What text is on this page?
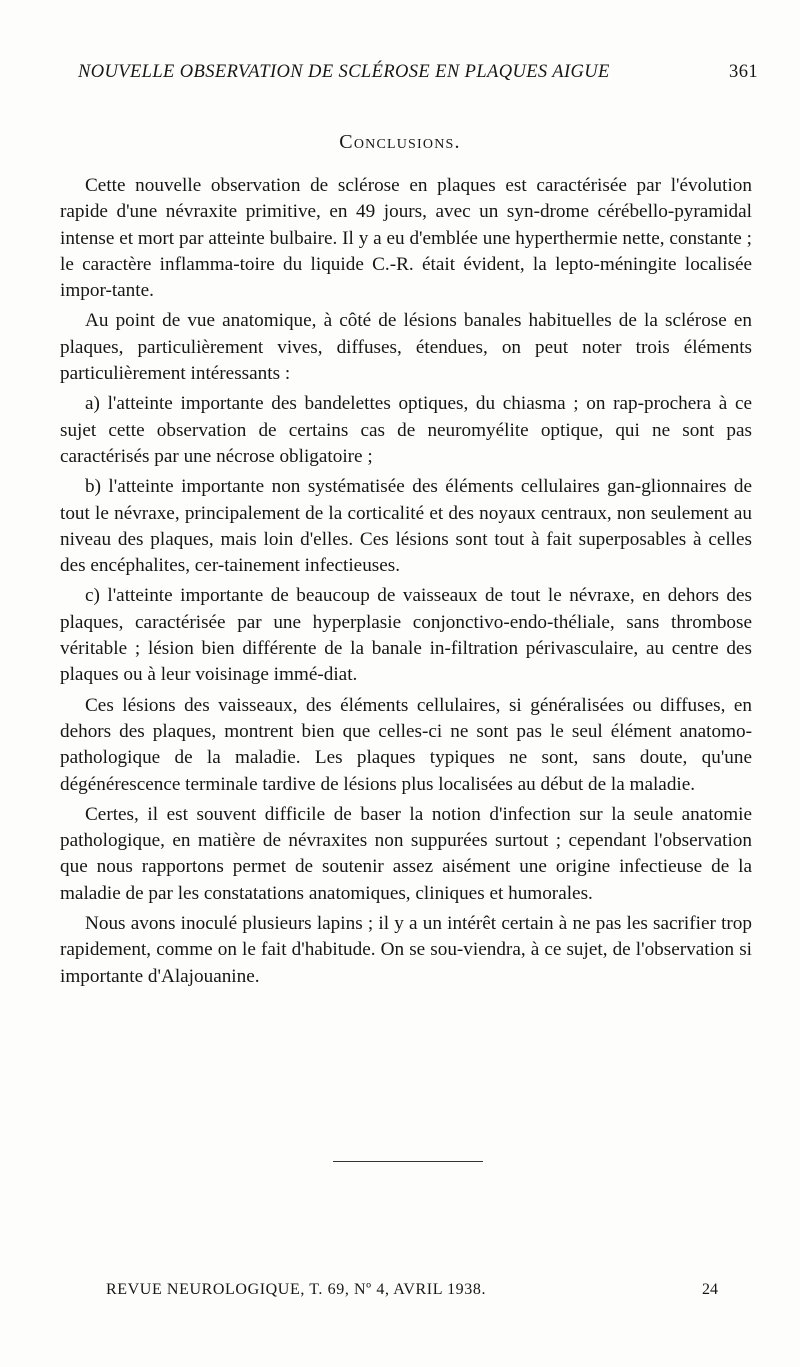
NOUVELLE OBSERVATION DE SCLÉROSE EN PLAQUES AIGUE	361
Conclusions.

Cette nouvelle observation de sclérose en plaques est caractérisée par l'évolution rapide d'une névraxite primitive, en 49 jours, avec un syn-drome cérébello-pyramidal intense et mort par atteinte bulbaire. Il y a eu d'emblée une hyperthermie nette, constante ; le caractère inflamma-toire du liquide C.-R. était évident, la lepto-méningite localisée impor-tante.

Au point de vue anatomique, à côté de lésions banales habituelles de la sclérose en plaques, particulièrement vives, diffuses, étendues, on peut noter trois éléments particulièrement intéressants :

a) l'atteinte importante des bandelettes optiques, du chiasma ; on rap-prochera à ce sujet cette observation de certains cas de neuromyélite optique, qui ne sont pas caractérisés par une nécrose obligatoire ;

b) l'atteinte importante non systématisée des éléments cellulaires gan-glionnaires de tout le névraxe, principalement de la corticalité et des noyaux centraux, non seulement au niveau des plaques, mais loin d'elles. Ces lésions sont tout à fait superposables à celles des encéphalites, cer-tainement infectieuses.

c) l'atteinte importante de beaucoup de vaisseaux de tout le névraxe, en dehors des plaques, caractérisée par une hyperplasie conjonctivo-endo-théliale, sans thrombose véritable ; lésion bien différente de la banale in-filtration périvasculaire, au centre des plaques ou à leur voisinage immé-diat.

Ces lésions des vaisseaux, des éléments cellulaires, si généralisées ou diffuses, en dehors des plaques, montrent bien que celles-ci ne sont pas le seul élément anatomo-pathologique de la maladie. Les plaques typiques ne sont, sans doute, qu'une dégénérescence terminale tardive de lésions plus localisées au début de la maladie.

Certes, il est souvent difficile de baser la notion d'infection sur la seule anatomie pathologique, en matière de névraxites non suppurées surtout ; cependant l'observation que nous rapportons permet de soutenir assez aisément une origine infectieuse de la maladie de par les constatations anatomiques, cliniques et humorales.

Nous avons inoculé plusieurs lapins ; il y a un intérêt certain à ne pas les sacrifier trop rapidement, comme on le fait d'habitude. On se sou-viendra, à ce sujet, de l'observation si importante d'Alajouanine.

REVUE NEUROLOGIQUE, T. 69, Nº 4, AVRIL 1938.	24
